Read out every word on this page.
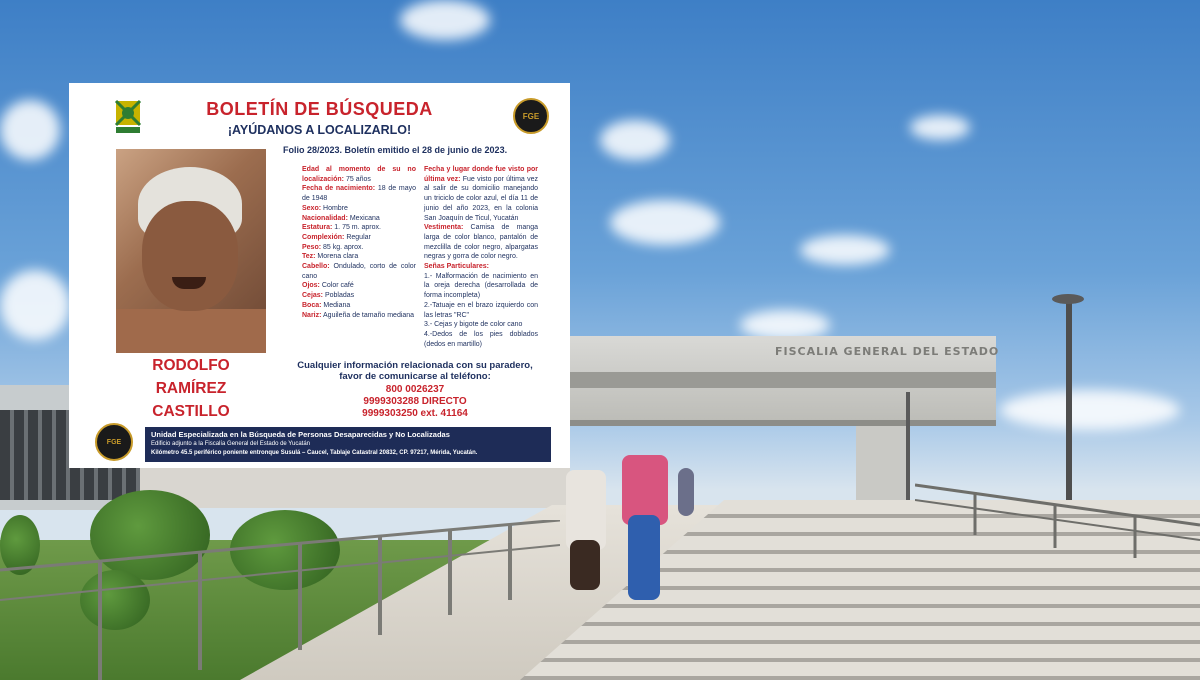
FISCALIA GENERAL DEL ESTADO
BOLETÍN DE BÚSQUEDA
¡AYÚDANOS A LOCALIZARLO!
FGE
Folio 28/2023. Boletín emitido el 28 de junio de 2023.
RODOLFO
RAMÍREZ
CASTILLO
Edad al momento de su no localización: 75 años
Fecha de nacimiento: 18 de mayo de 1948
Sexo: Hombre
Nacionalidad: Mexicana
Estatura: 1. 75 m. aprox.
Complexión: Regular
Peso: 85 kg. aprox.
Tez: Morena clara
Cabello: Ondulado, corto de color cano
Ojos: Color café
Cejas: Pobladas
Boca: Mediana
Nariz: Aguileña de tamaño mediana
Fecha y lugar donde fue visto por última vez: Fue visto por última vez al salir de su domicilio manejando un triciclo de color azul, el día 11 de junio del año 2023, en la colonia San Joaquín de Ticul, Yucatán
Vestimenta: Camisa de manga larga de color blanco, pantalón de mezclilla de color negro, alpargatas negras y gorra de color negro.
Señas Particulares:
1.- Malformación de nacimiento en la oreja derecha (desarrollada de forma incompleta)
2.-Tatuaje en el brazo izquierdo con las letras "RC"
3.- Cejas y bigote de color cano
4.-Dedos de los pies doblados (dedos en martillo)
Cualquier información relacionada con su paradero,
favor de comunicarse al teléfono:
800 0026237
9999303288 DIRECTO
9999303250 ext. 41164
FGE
Unidad Especializada en la Búsqueda de Personas Desaparecidas y No Localizadas
Edificio adjunto a la Fiscalía General del Estado de Yucatán
Kilómetro 45.5 periférico poniente entronque Susulá – Caucel, Tablaje Catastral 20832, CP. 97217, Mérida, Yucatán.
